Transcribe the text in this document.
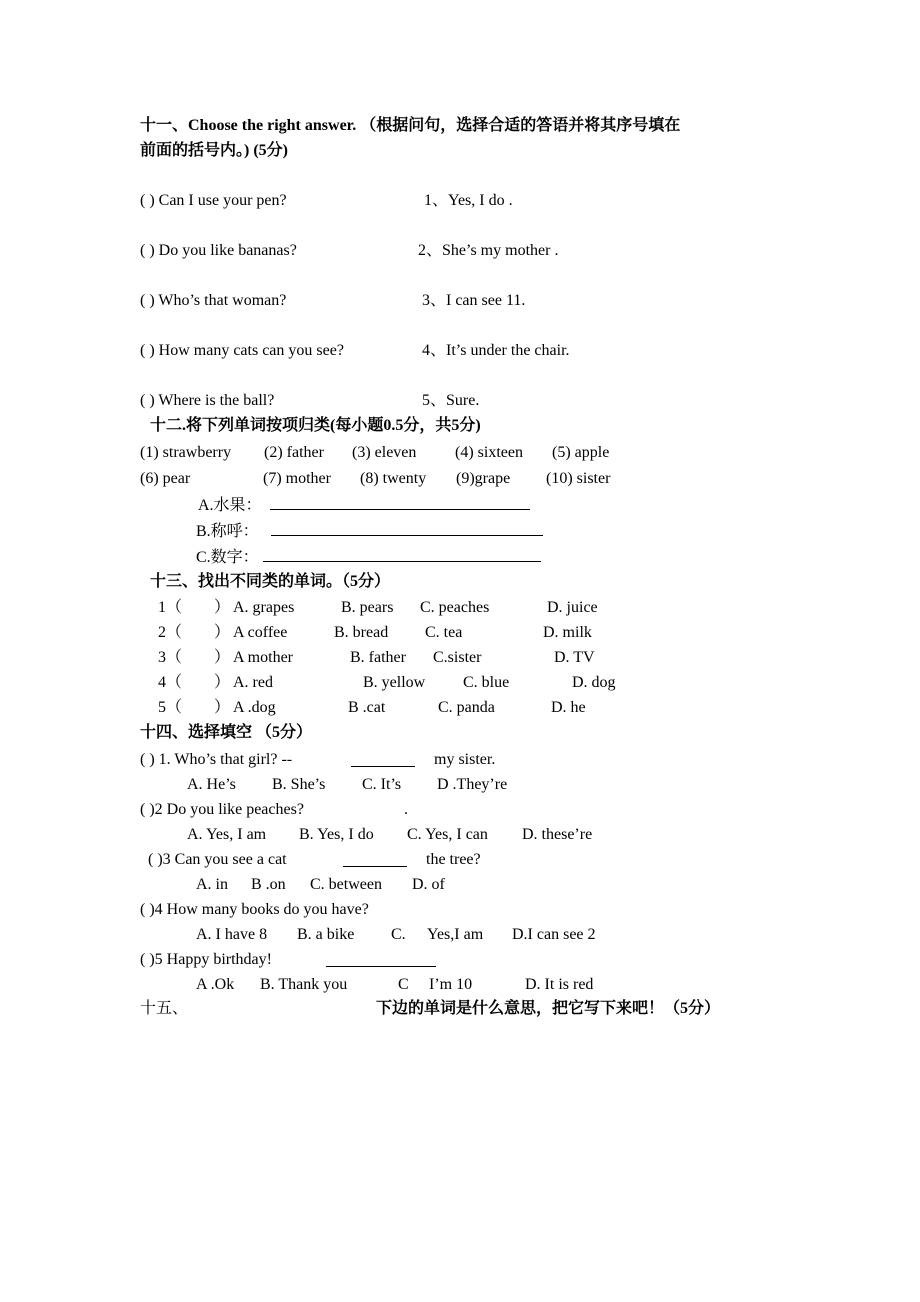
十一、Choose the right answer. （根据问句，选择合适的答语并将其序号填在
前面的括号内。) (5分)
( ) Can I use your pen?	1、Yes, I do .
( ) Do you like bananas?	2、She’s my mother .
( ) Who’s that woman?	3、I can see 11.
( ) How many cats can you see?	4、It’s under the chair.
( ) Where is the ball?	5、Sure.
十二.将下列单词按项归类(每小题0.5分，共5分)
(1) strawberry (2) father (3) eleven (4) sixteen (5) apple
(6) pear	(7) mother (8) twenty (9)grape (10) sister
A.水果：
B.称呼：
C.数字：
十三、找出不同类的单词。（5分）
1（ ） A. grapes	B. pears C. peaches	D. juice
2（ ） A coffee	B. bread C. tea	D. milk
3（ ） A mother	B. father C.sister	D. TV
4（ ） A. red	B. yellow C. blue	D. dog
5（ ） A .dog	B .cat	C. panda	D. he
十四、选择填空 （5分）
( ) 1. Who’s that girl? --	my sister.
A. He’s B. She’s C. It’s D .They’re
( )2 Do you like peaches?	.
A. Yes, I am B. Yes, I do C. Yes, I can D. these’re
( )3 Can you see a cat	the tree?
A. in B .on C. between D. of
( )4 How many books do you have?
A. I have 8 B. a bike C. Yes,I am D.I can see 2
( )5 Happy birthday!
A .Ok B. Thank you	C I’m 10	D. It is red
十五、	下边的单词是什么意思，把它写下来吧！（5分）
